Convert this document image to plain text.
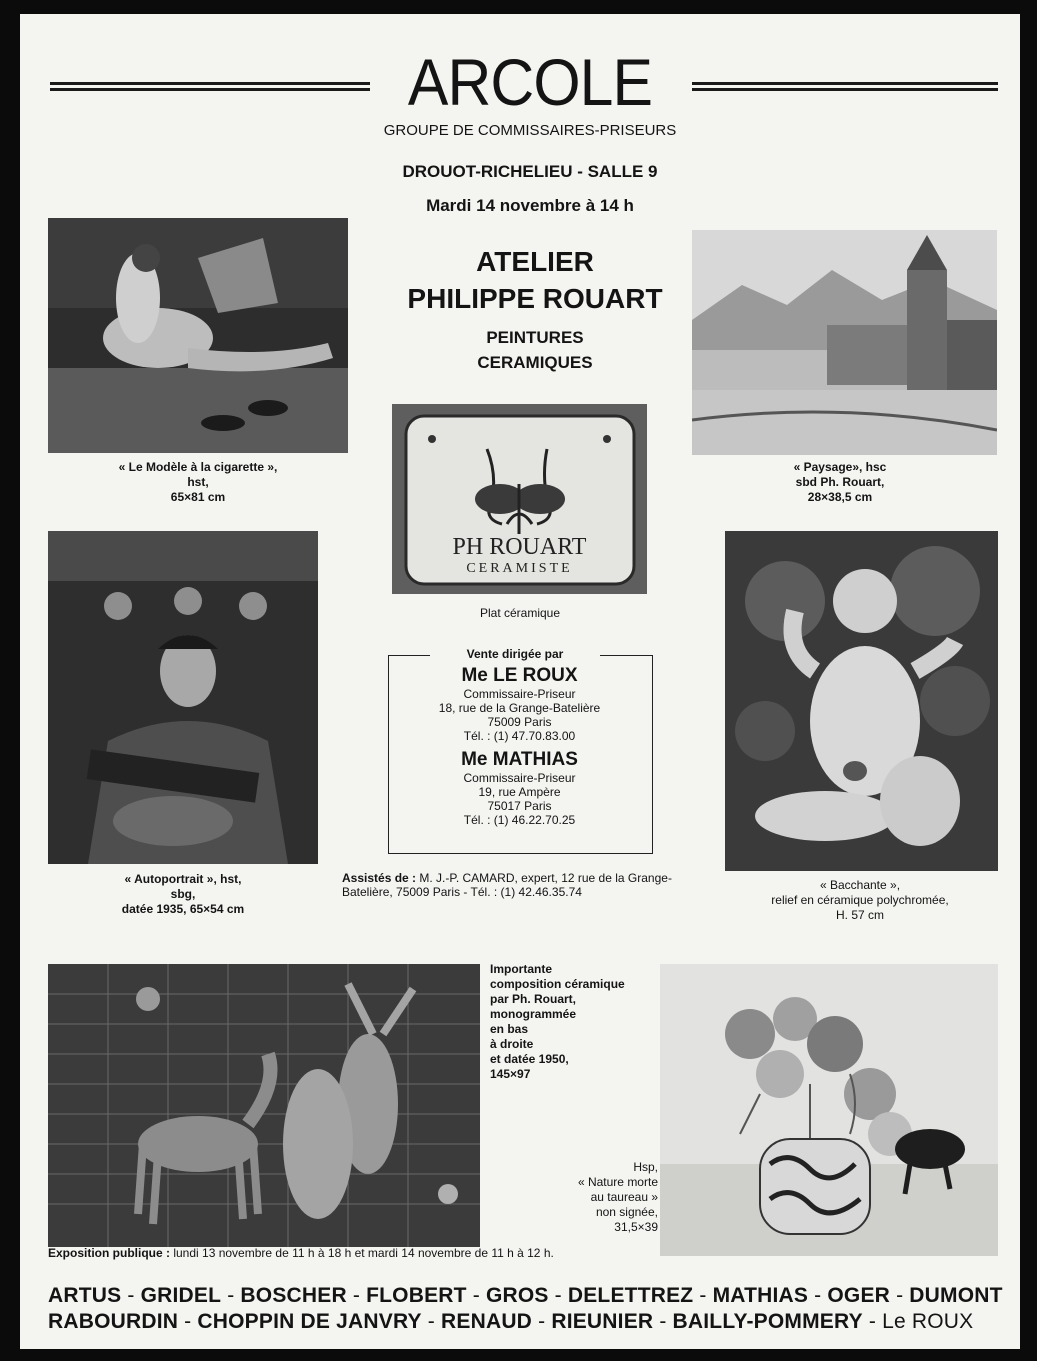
ARCOLE
GROUPE DE COMMISSAIRES-PRISEURS
DROUOT-RICHELIEU - SALLE 9
Mardi 14 novembre à 14 h
ATELIER
PHILIPPE ROUART
PEINTURES
CERAMIQUES
« Le Modèle à la cigarette »,
hst,
65×81 cm
« Paysage», hsc
sbd Ph. Rouart,
28×38,5 cm
PH ROUART
CERAMISTE
Plat céramique
« Autoportrait », hst,
sbg,
datée 1935, 65×54 cm
« Bacchante »,
relief en céramique polychromée,
H. 57 cm
Vente dirigée par
Me LE ROUX
Commissaire-Priseur
18, rue de la Grange-Batelière
75009 Paris
Tél. : (1) 47.70.83.00
Me MATHIAS
Commissaire-Priseur
19, rue Ampère
75017 Paris
Tél. : (1) 46.22.70.25
Assistés de : M. J.-P. CAMARD, expert, 12 rue de la Grange-
Batelière, 75009 Paris - Tél. : (1) 42.46.35.74
Importante
composition céramique
par Ph. Rouart,
monogrammée
en bas
à droite
et datée 1950,
145×97
Hsp,
« Nature morte
au taureau »
non signée,
31,5×39
Exposition publique : lundi 13 novembre de 11 h à 18 h et mardi 14 novembre de 11 h à 12 h.
ARTUS - GRIDEL - BOSCHER - FLOBERT - GROS - DELETTREZ - MATHIAS - OGER - DUMONT
RABOURDIN - CHOPPIN DE JANVRY - RENAUD - RIEUNIER - BAILLY-POMMERY - Le ROUX
